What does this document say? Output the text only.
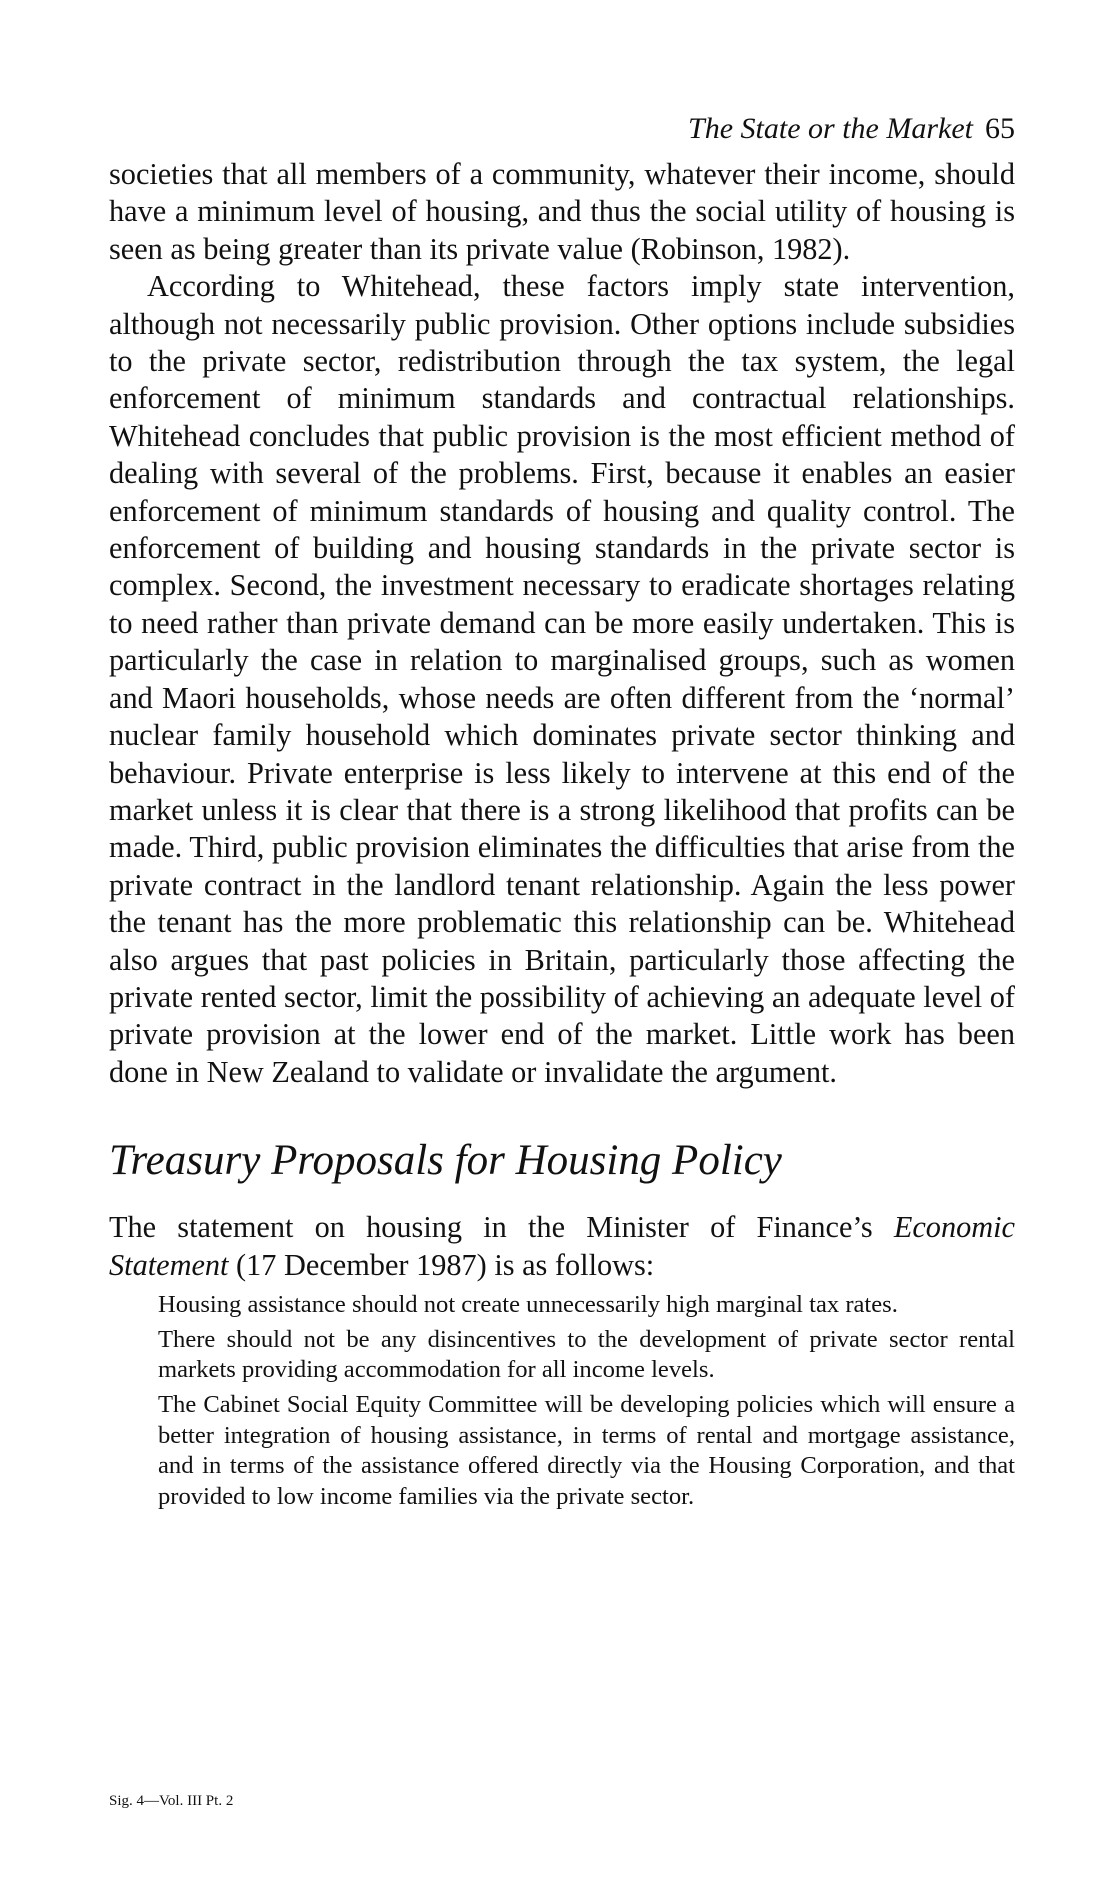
The State or the Market 65

societies that all members of a community, whatever their income, should have a minimum level of housing, and thus the social utility of housing is seen as being greater than its private value (Robinson, 1982).

According to Whitehead, these factors imply state intervention, although not necessarily public provision. Other options include subsidies to the private sector, redistribution through the tax system, the legal enforcement of minimum standards and contractual relationships. Whitehead concludes that public provision is the most efficient method of dealing with several of the problems. First, because it enables an easier enforcement of minimum standards of housing and quality control. The enforcement of building and housing standards in the private sector is complex. Second, the investment necessary to eradicate shortages relating to need rather than private demand can be more easily undertaken. This is particularly the case in relation to marginalised groups, such as women and Maori households, whose needs are often different from the ‘normal’ nuclear family household which dominates private sector thinking and behaviour. Private enterprise is less likely to intervene at this end of the market unless it is clear that there is a strong likelihood that profits can be made. Third, public provision eliminates the difficulties that arise from the private contract in the landlord tenant relationship. Again the less power the tenant has the more problematic this relationship can be. Whitehead also argues that past policies in Britain, particularly those affecting the private rented sector, limit the possibility of achieving an adequate level of private provision at the lower end of the market. Little work has been done in New Zealand to validate or invalidate the argument.

Treasury Proposals for Housing Policy

The statement on housing in the Minister of Finance’s Economic Statement (17 December 1987) is as follows:

Housing assistance should not create unnecessarily high marginal tax rates.

There should not be any disincentives to the development of private sector rental markets providing accommodation for all income levels.

The Cabinet Social Equity Committee will be developing policies which will ensure a better integration of housing assistance, in terms of rental and mortgage assistance, and in terms of the assistance offered directly via the Housing Corporation, and that provided to low income families via the private sector.

Sig. 4—Vol. III Pt. 2
